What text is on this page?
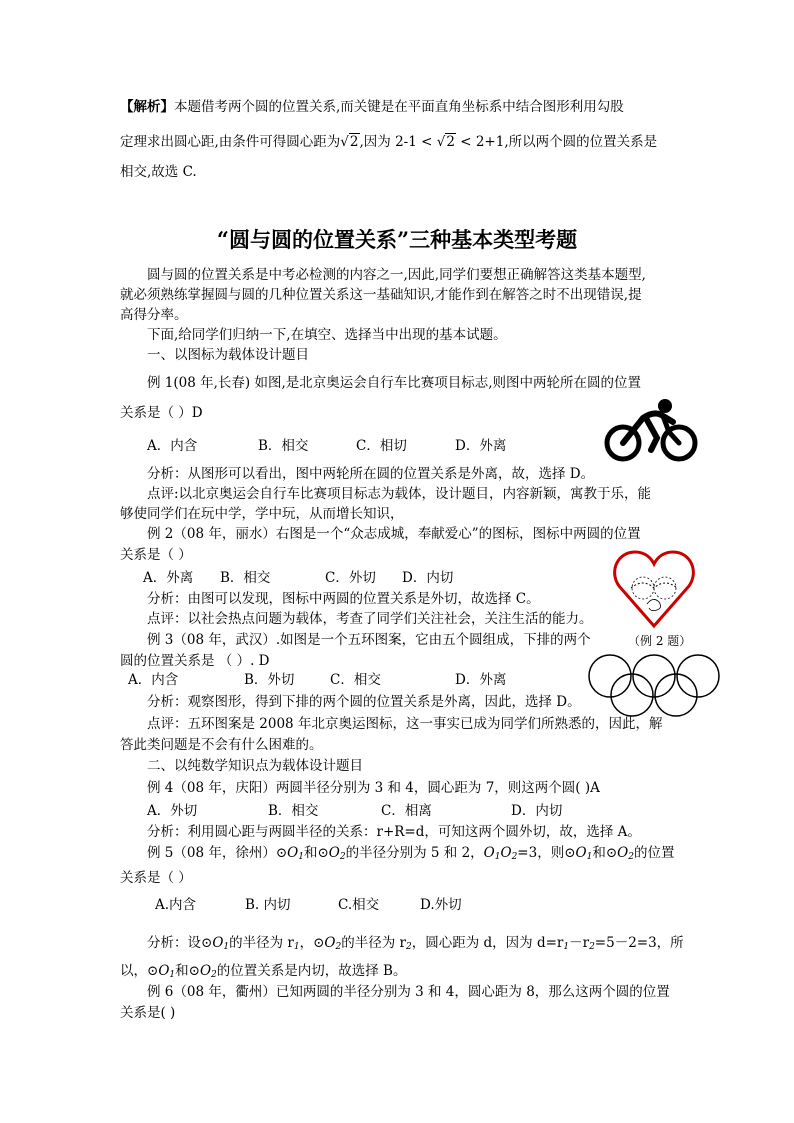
【解析】本题借考两个圆的位置关系,而关键是在平面直角坐标系中结合图形利用勾股
定理求出圆心距,由条件可得圆心距为√2,因为 2-1 < √2 < 2+1,所以两个圆的位置关系是
相交,故选 C.
“圆与圆的位置关系”三种基本类型考题
圆与圆的位置关系是中考必检测的内容之一,因此,同学们要想正确解答这类基本题型,
就必须熟练掌握圆与圆的几种位置关系这一基础知识,才能作到在解答之时不出现错误,提
高得分率。
下面,给同学们归纳一下,在填空、选择当中出现的基本试题。
一、以图标为载体设计题目
例 1(08 年,长春) 如图,是北京奥运会自行车比赛项目标志,则图中两轮所在圆的位置
关系是（ ）D
A．内含	B．相交	C．相切	D．外离
分析：从图形可以看出，图中两轮所在圆的位置关系是外离，故，选择 D。
点评:以北京奥运会自行车比赛项目标志为载体，设计题目，内容新颖，寓教于乐，能
够使同学们在玩中学，学中玩，从而增长知识，
例 2（08 年，丽水）右图是一个“众志成城，奉献爱心”的图标，图标中两圆的位置
关系是（ ）
A．外离 B．相交	C．外切 D．内切
分析：由图可以发现，图标中两圆的位置关系是外切，故选择 C。
点评：以社会热点问题为载体，考查了同学们关注社会，关注生活的能力。
（例 2 题）
例 3（08 年，武汉）.如图是一个五环图案，它由五个圆组成，下排的两个
圆的位置关系是 （ ）. D
A．内含	B．外切	C．相交	D．外离
分析：观察图形，得到下排的两个圆的位置关系是外离，因此，选择 D。
点评：五环图案是 2008 年北京奥运图标，这一事实已成为同学们所熟悉的，因此，解
答此类问题是不会有什么困难的。
二、以纯数学知识点为载体设计题目
例 4（08 年，庆阳）两圆半径分别为 3 和 4，圆心距为 7，则这两个圆( )A
A．外切	B．相交	C．相离	D．内切
分析：利用圆心距与两圆半径的关系：r+R=d，可知这两个圆外切，故，选择 A。
例 5（08 年，徐州）$⊙O_1$和$⊙O_2$的半径分别为 5 和 2，$O_1O_2=3$，则$⊙O_1$和$⊙O_2$的位置
关系是（ ）
A.内含	B. 内切	C.相交	D.外切
分析：设$⊙O_1$的半径为 $r_1$，$⊙O_2$的半径为 $r_2$，圆心距为 d，因为 $d=r_1-r_2=5-2=3$，所
以，$⊙O_1$和$⊙O_2$的位置关系是内切，故选择 B。
例 6（08 年，衢州）已知两圆的半径分别为 3 和 4，圆心距为 8，那么这两个圆的位置
关系是( )
